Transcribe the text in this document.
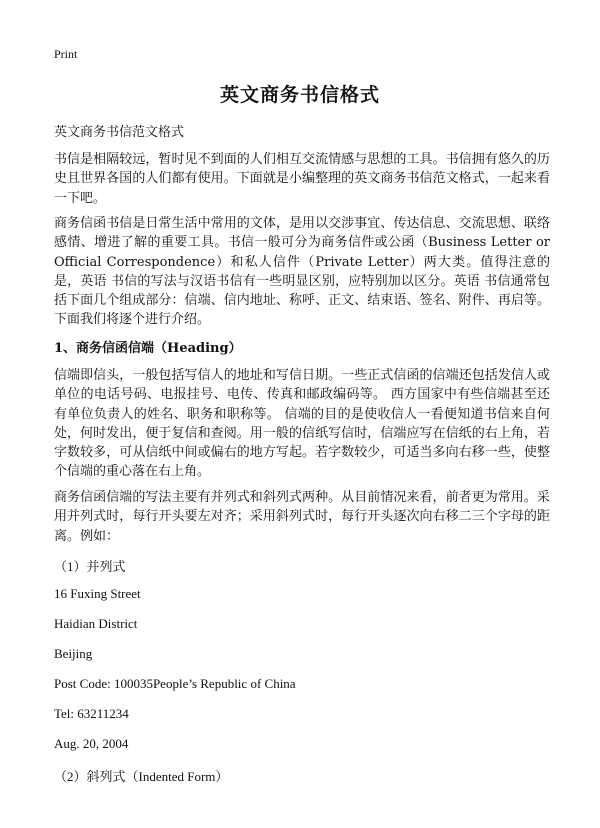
Print
英文商务书信格式
英文商务书信范文格式

书信是相隔较远，暂时见不到面的人们相互交流情感与思想的工具。书信拥有悠久的历史且世界各国的人们都有使用。下面就是小编整理的英文商务书信范文格式，一起来看一下吧。

商务信函书信是日常生活中常用的文体，是用以交涉事宜、传达信息、交流思想、联络感情、增进了解的重要工具。书信一般可分为商务信件或公函（Business Letter or Official Correspondence）和私人信件（Private Letter）两大类。值得注意的是，英语 书信的写法与汉语书信有一些明显区别，应特别加以区分。英语 书信通常包括下面几个组成部分：信端、信内地址、称呼、正文、结束语、签名、附件、再启等。下面我们将逐个进行介绍。

1、商务信函信端（Heading）

信端即信头，一般包括写信人的地址和写信日期。一些正式信函的信端还包括发信人或单位的电话号码、电报挂号、电传、传真和邮政编码等。 西方国家中有些信端甚至还有单位负责人的姓名、职务和职称等。 信端的目的是使收信人一看便知道书信来自何处，何时发出，便于复信和查阅。用一般的信纸写信时，信端应写在信纸的右上角，若字数较多，可从信纸中间或偏右的地方写起。若字数较少，可适当多向右移一些，使整个信端的重心落在右上角。

商务信函信端的写法主要有并列式和斜列式两种。从目前情况来看，前者更为常用。采用并列式时，每行开头要左对齐；采用斜列式时，每行开头逐次向右移二三个字母的距离。例如：

（1）并列式
16 Fuxing Street
Haidian District
Beijing
Post Code: 100035People’s Republic of China
Tel: 63211234
Aug. 20, 2004
（2）斜列式（Indented Form）
